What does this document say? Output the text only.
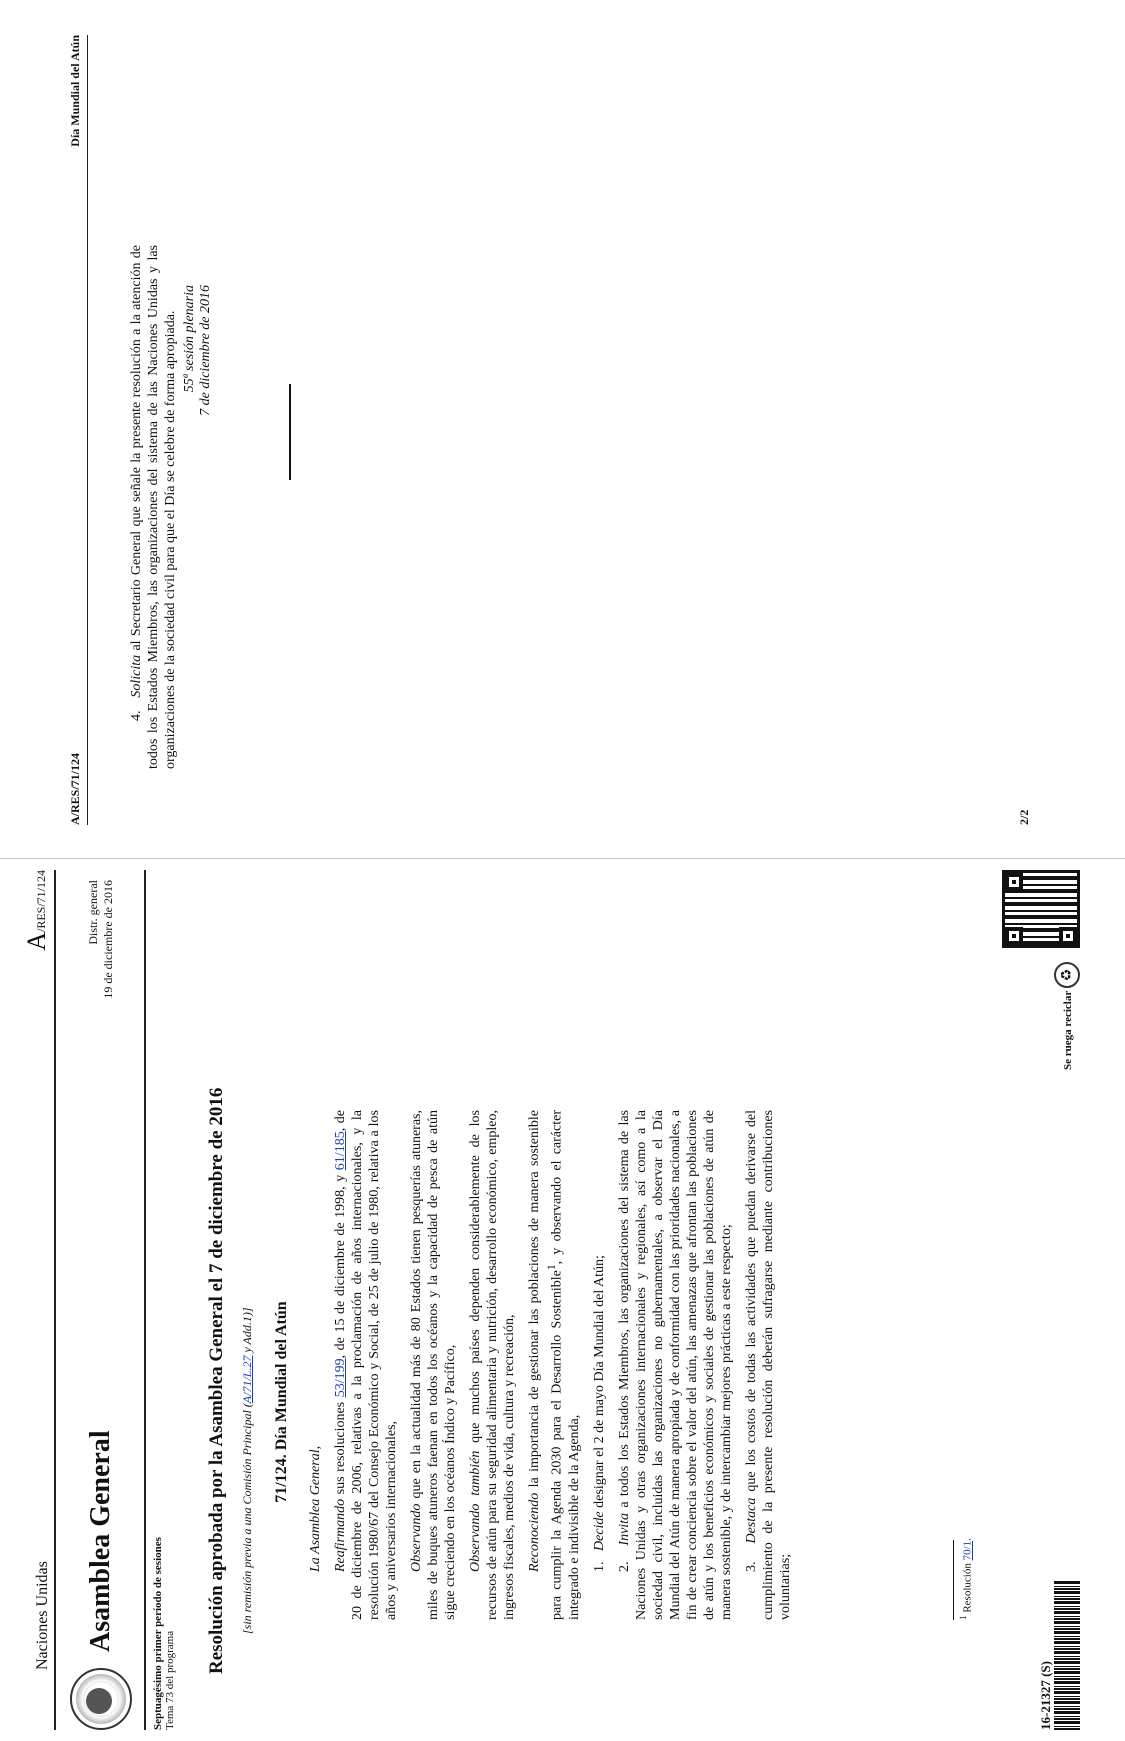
A/RES/71/124
Día Mundial del Atún

4.   Solicita al Secretario General que señale la presente resolución a la atención de todos los Estados Miembros, las organizaciones del sistema de las Naciones Unidas y las organizaciones de la sociedad civil para que el Día se celebre de forma apropiada. 55ª sesión plenaria 7 de diciembre de 2016
2/2
Naciones Unidas
A/RES/71/124
Asamblea General
Distr. general 19 de diciembre de 2016
Septuagésimo primer período de sesiones Tema 73 del programa
Resolución aprobada por la Asamblea General el 7 de diciembre de 2016 [sin remisión previa a una Comisión Principal (A/71/L.27 y Add.1)] 71/124. Día Mundial del Atún

La Asamblea General, Reafirmando sus resoluciones 53/199, de 15 de diciembre de 1998, y 61/185, de 20 de diciembre de 2006, relativas a la proclamación de años internacionales, y la resolución 1980/67 del Consejo Económico y Social, de 25 de julio de 1980, relativa a los años y aniversarios internacionales, Observando que en la actualidad más de 80 Estados tienen pesquerías atuneras, miles de buques atuneros faenan en todos los océanos y la capacidad de pesca de atún sigue creciendo en los océanos Índico y Pacífico, Observando también que muchos países dependen considerablemente de los recursos de atún para su seguridad alimentaria y nutrición, desarrollo económico, empleo, ingresos fiscales, medios de vida, cultura y recreación, Reconociendo la importancia de gestionar las poblaciones de manera sostenible para cumplir la Agenda 2030 para el Desarrollo Sostenible$^1$, y observando el carácter integrado e indivisible de la Agenda, 1.   Decide designar el 2 de mayo Día Mundial del Atún;

2.   Invita a todos los Estados Miembros, las organizaciones del sistema de las Naciones Unidas y otras organizaciones internacionales y regionales, así como a la sociedad civil, incluidas las organizaciones no gubernamentales, a observar el Día Mundial del Atún de manera apropiada y de conformidad con las prioridades nacionales, a fin de crear conciencia sobre el valor del atún, las amenazas que afrontan las poblaciones de atún y los beneficios económicos y sociales de gestionar las poblaciones de atún de manera sostenible, y de intercambiar mejores prácticas a este respecto; 3.   Destaca que los costos de todas las actividades que puedan derivarse del cumplimiento de la presente resolución deberán sufragarse mediante contribuciones voluntarias;	$^1$ Resolución 70/1.
16-21327 (S)
Se ruega reciclar ♻
